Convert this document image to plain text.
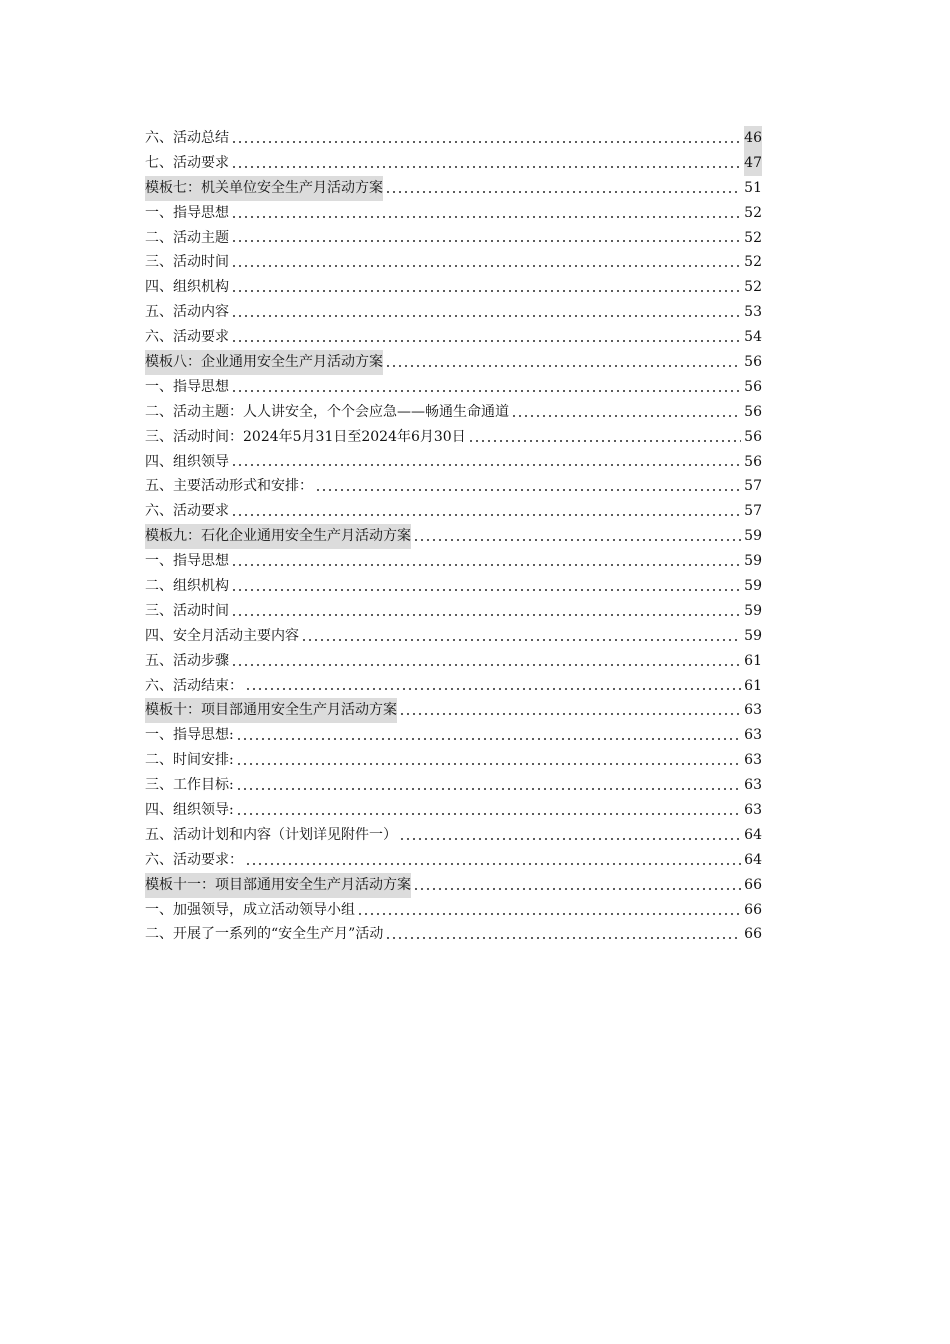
六、活动总结	46
七、活动要求	47
模板七：机关单位安全生产月活动方案	51
一、指导思想	52
二、活动主题	52
三、活动时间	52
四、组织机构	52
五、活动内容	53
六、活动要求	54
模板八：企业通用安全生产月活动方案	56
一、指导思想	56
二、活动主题：人人讲安全，个个会应急——畅通生命通道	56
三、活动时间：2024年5月31日至2024年6月30日	56
四、组织领导	56
五、主要活动形式和安排：	57
六、活动要求	57
模板九：石化企业通用安全生产月活动方案	59
一、指导思想	59
二、组织机构	59
三、活动时间	59
四、安全月活动主要内容	59
五、活动步骤	61
六、活动结束：	61
模板十：项目部通用安全生产月活动方案	63
一、指导思想:	63
二、时间安排:	63
三、工作目标:	63
四、组织领导:	63
五、活动计划和内容（计划详见附件一）	64
六、活动要求：	64
模板十一：项目部通用安全生产月活动方案	66
一、加强领导，成立活动领导小组	66
二、开展了一系列的“安全生产月”活动	66
